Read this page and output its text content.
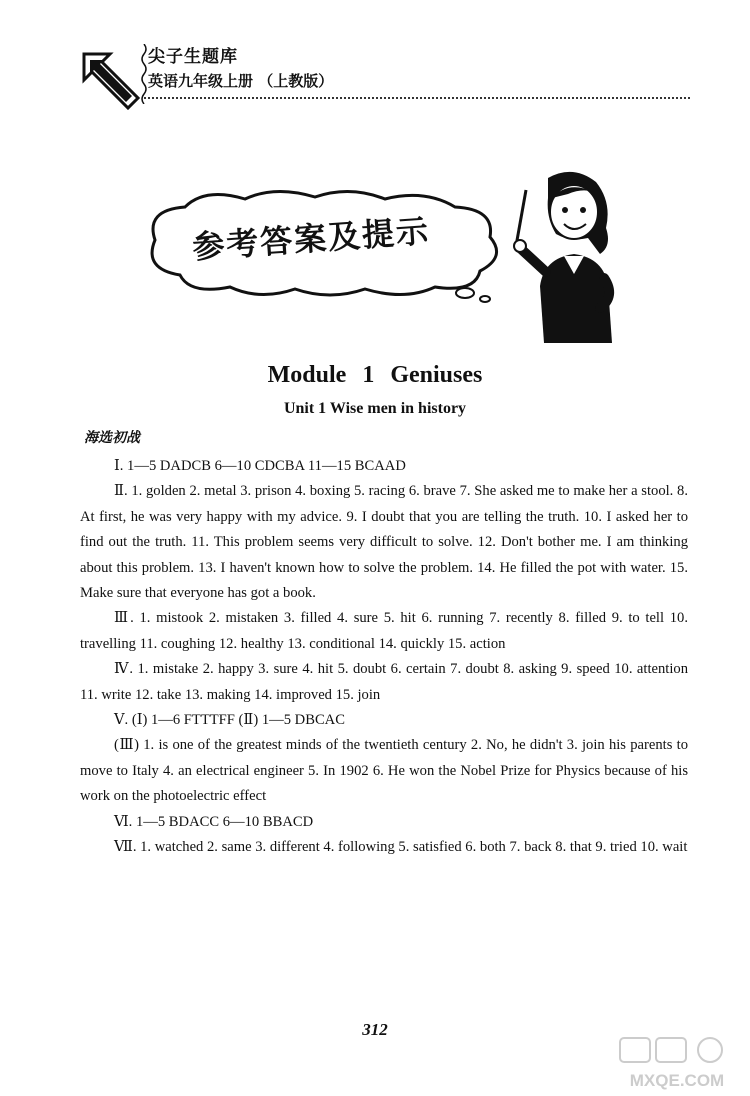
尖子生题库
英语九年级上册 （上教版）
参考答案及提示
Module 1 Geniuses
Unit 1 Wise men in history
海选初战

Ⅰ. 1—5 DADCB 6—10 CDCBA 11—15 BCAAD

Ⅱ. 1. golden 2. metal 3. prison 4. boxing 5. racing 6. brave 7. She asked me to make her a stool. 8. At first, he was very happy with my advice. 9. I doubt that you are telling the truth. 10. I asked her to find out the truth. 11. This problem seems very difficult to solve. 12. Don't bother me. I am thinking about this problem. 13. I haven't known how to solve the problem. 14. He filled the pot with water. 15. Make sure that everyone has got a book.

Ⅲ. 1. mistook 2. mistaken 3. filled 4. sure 5. hit 6. running 7. recently 8. filled 9. to tell 10. travelling 11. coughing 12. healthy 13. conditional 14. quickly 15. action

Ⅳ. 1. mistake 2. happy 3. sure 4. hit 5. doubt 6. certain 7. doubt 8. asking 9. speed 10. attention 11. write 12. take 13. making 14. improved 15. join

Ⅴ. (Ⅰ) 1—6 FTTTFF (Ⅱ) 1—5 DBCAC

(Ⅲ) 1. is one of the greatest minds of the twentieth century 2. No, he didn't 3. join his parents to move to Italy 4. an electrical engineer 5. In 1902 6. He won the Nobel Prize for Physics because of his work on the photoelectric effect

Ⅵ. 1—5 BDACC 6—10 BBACD

Ⅶ. 1. watched 2. same 3. different 4. following 5. satisfied 6. both 7. back 8. that 9. tried 10. wait

312
MXQE.COM
